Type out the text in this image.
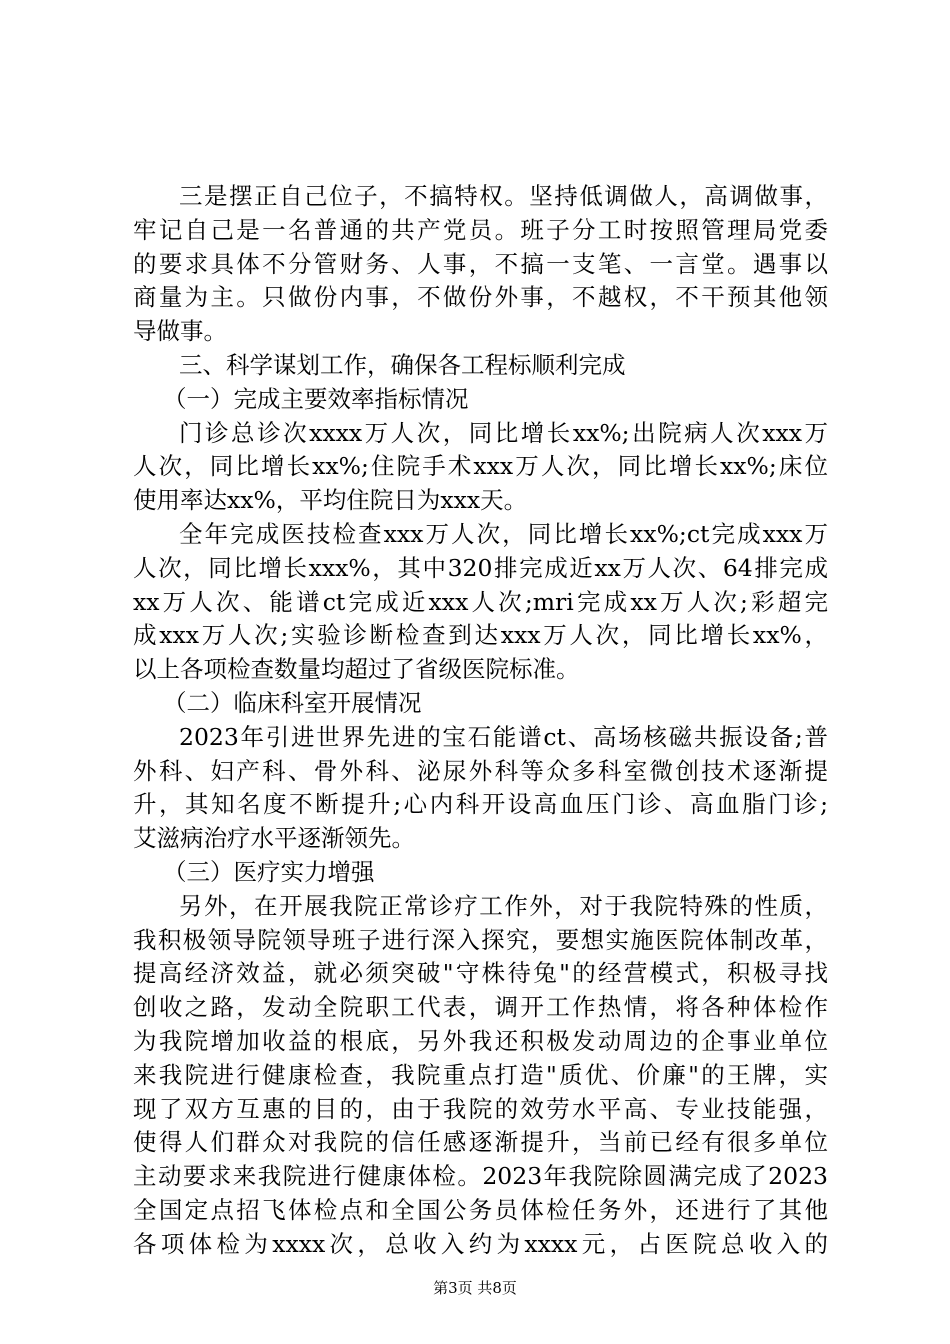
三是摆正自己位子，不搞特权。坚持低调做人，高调做事，
牢记自己是一名普通的共产党员。班子分工时按照管理局党委
的要求具体不分管财务、人事，不搞一支笔、一言堂。遇事以
商量为主。只做份内事，不做份外事，不越权，不干预其他领
导做事。
三、科学谋划工作，确保各工程标顺利完成
（一）完成主要效率指标情况
门诊总诊次xxxx万人次，同比增长xx%;出院病人次xxx万
人次，同比增长xx%;住院手术xxx万人次，同比增长xx%;床位
使用率达xx%，平均住院日为xxx天。
全年完成医技检查xxx万人次，同比增长xx%;ct完成xxx万
人次，同比增长xxx%，其中320排完成近xx万人次、64排完成
xx万人次、能谱ct完成近xxx人次;mri完成xx万人次;彩超完
成xxx万人次;实验诊断检查到达xxx万人次，同比增长xx%，
以上各项检查数量均超过了省级医院标准。
（二）临床科室开展情况
2023年引进世界先进的宝石能谱ct、高场核磁共振设备;普
外科、妇产科、骨外科、泌尿外科等众多科室微创技术逐渐提
升，其知名度不断提升;心内科开设高血压门诊、高血脂门诊;
艾滋病治疗水平逐渐领先。
（三）医疗实力增强
另外，在开展我院正常诊疗工作外，对于我院特殊的性质，
我积极领导院领导班子进行深入探究，要想实施医院体制改革，
提高经济效益，就必须突破"守株待兔"的经营模式，积极寻找
创收之路，发动全院职工代表，调开工作热情，将各种体检作
为我院增加收益的根底，另外我还积极发动周边的企事业单位
来我院进行健康检查，我院重点打造"质优、价廉"的王牌，实
现了双方互惠的目的，由于我院的效劳水平高、专业技能强，
使得人们群众对我院的信任感逐渐提升，当前已经有很多单位
主动要求来我院进行健康体检。2023年我院除圆满完成了2023
全国定点招飞体检点和全国公务员体检任务外，还进行了其他
各项体检为xxxx次，总收入约为xxxx元，占医院总收入的
第3页 共8页
